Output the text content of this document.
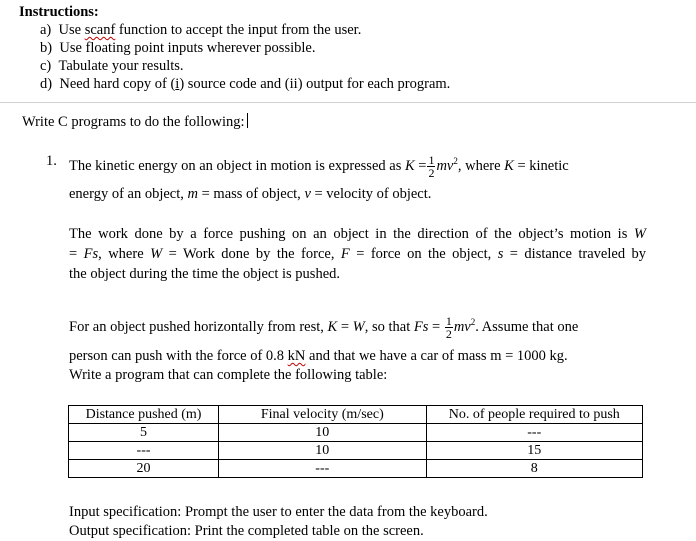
Instructions:
a) Use scanf function to accept the input from the user.
b) Use floating point inputs wherever possible.
c) Tabulate your results.
d) Need hard copy of (i) source code and (ii) output for each program.
Write C programs to do the following:
1. The kinetic energy on an object in motion is expressed as $K = \frac{1}{2} mv^2$, where K = kinetic
energy of an object, m = mass of object, v = velocity of object.
The work done by a force pushing on an object in the direction of the object’s motion is W
= Fs, where W = Work done by the force, F = force on the object, s = distance traveled by
the object during the time the object is pushed.
For an object pushed horizontally from rest, K = W, so that $Fs = \frac{1}{2} mv^2$. Assume that one
person can push with the force of 0.8 kN and that we have a car of mass m = 1000 kg.
Write a program that can complete the following table:
Distance pushed (m)	Final velocity (m/sec)	No. of people required to push
5	10	---
---	10	15
20	---	8
Input specification: Prompt the user to enter the data from the keyboard.
Output specification: Print the completed table on the screen.
